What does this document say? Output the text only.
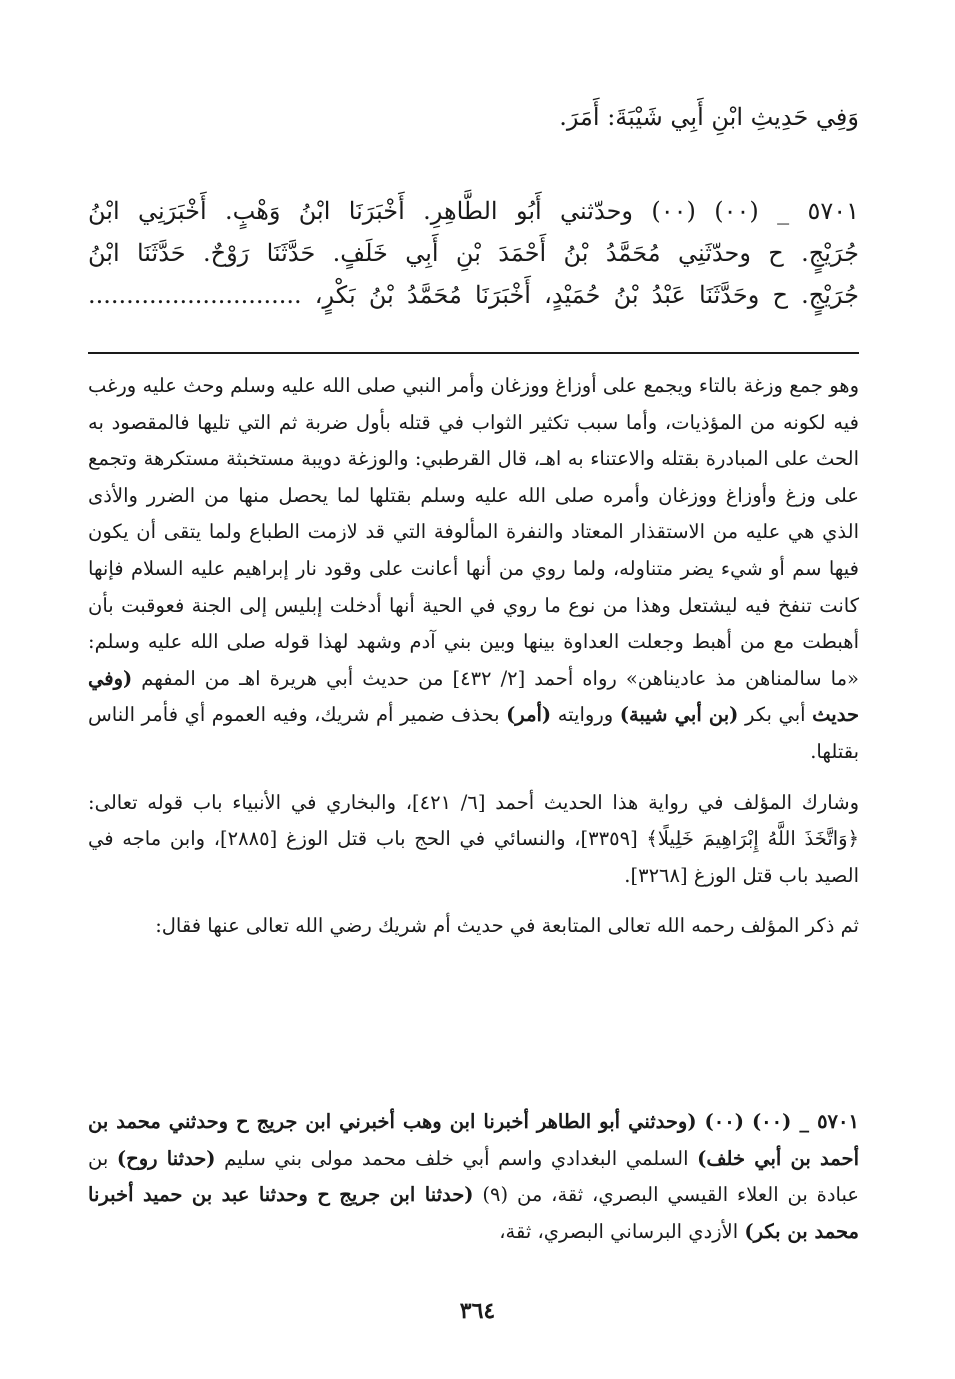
وَفِي حَدِيثِ ابْنِ أَبِي شَيْبَةَ: أَمَرَ.
٥٧٠١ _ (٠٠) (٠٠) وحدّثني أَبُو الطَّاهِرِ. أَخْبَرَنَا ابْنُ وَهْبٍ. أَخْبَرَنِي ابْنُ
جُرَيْجٍ. ح وحدّثَنِي مُحَمَّدُ بْنُ أَحْمَدَ بْنِ أَبِي خَلَفٍ. حَدَّثَنَا رَوْحٌ. حَدَّثَنَا ابْنُ
جُرَيْجٍ. ح وحَدَّثَنَا عَبْدُ بْنُ حُمَيْدٍ، أَخْبَرَنَا مُحَمَّدُ بْنُ بَكْرٍ، ............................

وهو جمع وزغة بالتاء ويجمع على أوزاغ ووزغان وأمر النبي صلى الله عليه وسلم وحث عليه ورغب فيه لكونه من المؤذيات، وأما سبب تكثير الثواب في قتله بأول ضربة ثم التي تليها فالمقصود به الحث على المبادرة بقتله والاعتناء به اهـ، قال القرطبي: والوزغة دويبة مستخبثة مستكرهة وتجمع على وزغ وأوزاغ ووزغان وأمره صلى الله عليه وسلم بقتلها لما يحصل منها من الضرر والأذى الذي هي عليه من الاستقذار المعتاد والنفرة المألوفة التي قد لازمت الطباع ولما يتقى أن يكون فيها سم أو شيء يضر متناوله، ولما روي من أنها أعانت على وقود نار إبراهيم عليه السلام فإنها كانت تنفخ فيه ليشتعل وهذا من نوع ما روي في الحية أنها أدخلت إبليس إلى الجنة فعوقبت بأن أهبطت مع من أهبط وجعلت العداوة بينها وبين بني آدم وشهد لهذا قوله صلى الله عليه وسلم: «ما سالمناهن مذ عاديناهن» رواه أحمد [٢/ ٤٣٢] من حديث أبي هريرة اهـ من المفهم (وفي حديث أبي بكر (بن أبي شيبة) وروايته (أمر) بحذف ضمير أم شريك، وفيه العموم أي فأمر الناس بقتلها.

وشارك المؤلف في رواية هذا الحديث أحمد [٦/ ٤٢١]، والبخاري في الأنبياء باب قوله تعالى: ﴿وَاتَّخَذَ اللَّهُ إِبْرَاهِيمَ خَلِيلًا﴾ [٣٣٥٩]، والنسائي في الحج باب قتل الوزغ [٢٨٨٥]، وابن ماجه في الصيد باب قتل الوزغ [٣٢٦٨].

ثم ذكر المؤلف رحمه الله تعالى المتابعة في حديث أم شريك رضي الله تعالى عنها فقال:

٥٧٠١ _ (٠٠) (٠٠) (وحدثني أبو الطاهر أخبرنا ابن وهب أخبرني ابن جريج ح وحدثني محمد بن أحمد بن أبي خلف) السلمي البغدادي واسم أبي خلف محمد مولى بني سليم (حدثنا روح) بن عبادة بن العلاء القيسي البصري، ثقة، من (٩) (حدثنا ابن جريج ح وحدثنا عبد بن حميد أخبرنا محمد بن بكر) الأزدي البرساني البصري، ثقة،

٣٦٤
